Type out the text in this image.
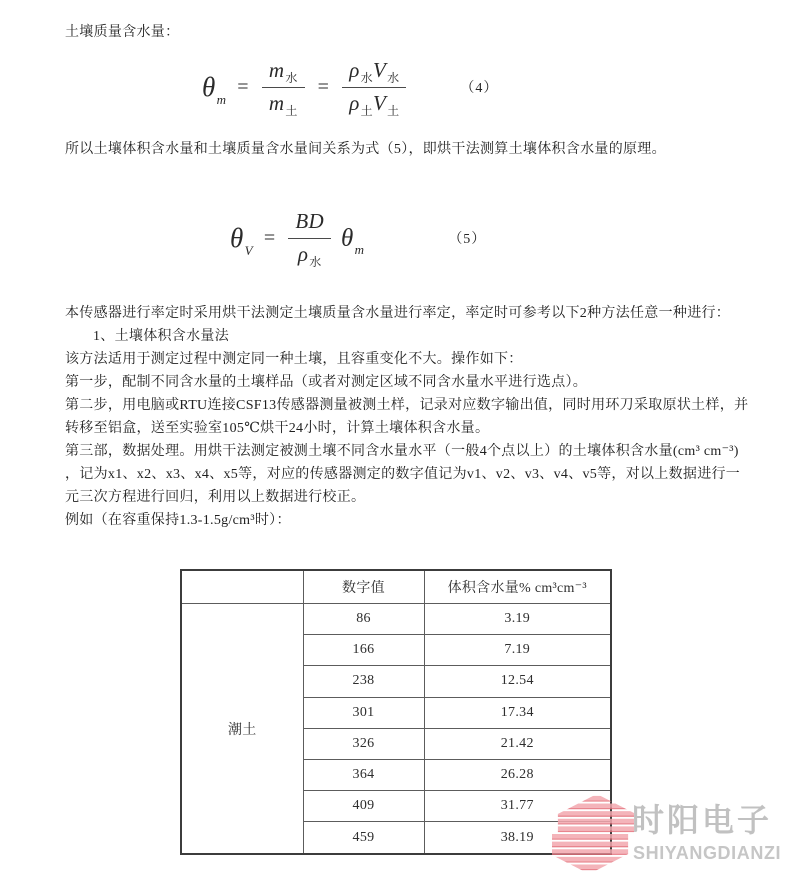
土壤质量含水量：
$\theta_m$
= $\frac{m_水}{m_土} = \frac{\rho_水V_水}{\rho_土V_土}$	（4）
所以土壤体积含水量和土壤质量含水量间关系为式（5），即烘干法测算土壤体积含水量的原理。
$\theta_V$
= $\frac{BD}{\rho_水} \theta_m$
（5）
本传感器进行率定时采用烘干法测定土壤质量含水量进行率定，率定时可参考以下2种方法任意一种进行：
1、土壤体积含水量法
该方法适用于测定过程中测定同一种土壤，且容重变化不大。操作如下：
第一步，配制不同含水量的土壤样品（或者对测定区域不同含水量水平进行选点）。
第二步，用电脑或RTU连接CSF13传感器测量被测土样，记录对应数字输出值，同时用环刀采取原状土样，并
转移至铝盒，送至实验室105℃烘干24小时，计算土壤体积含水量。
第三部，数据处理。用烘干法测定被测土壤不同含水量水平（一般4个点以上）的土壤体积含水量(cm³ cm⁻³)
，记为x1、x2、x3、x4、x5等，对应的传感器测定的数字值记为v1、v2、v3、v4、v5等，对以上数据进行一
元三次方程进行回归，利用以上数据进行校正。
例如（在容重保持1.3-1.5g/cm³时）：
	数字值	体积含水量% cm³cm⁻³
潮土	86	3.19
	166	7.19
	238	12.54
	301	17.34
	326	21.42
	364	26.28
	409	31.77
	459	38.19	时阳电子
SHIYANGDIANZI
